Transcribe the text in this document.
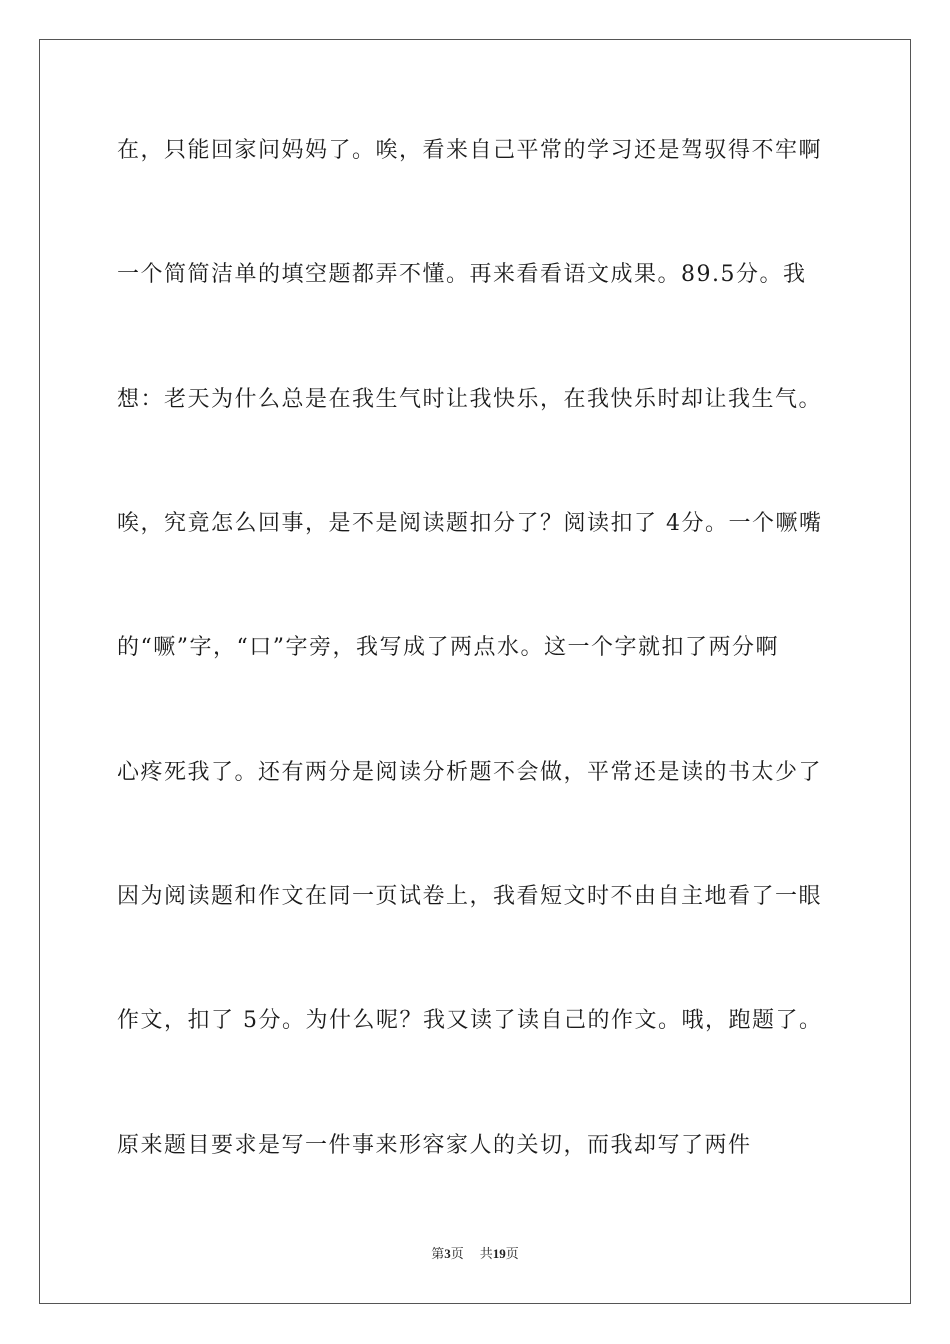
在，只能回家问妈妈了。唉，看来自己平常的学习还是驾驭得不牢啊
一个简简洁单的填空题都弄不懂。再来看看语文成果。89.5分。我
想：老天为什么总是在我生气时让我快乐，在我快乐时却让我生气。
唉，究竟怎么回事，是不是阅读题扣分了？阅读扣了 4分。一个噘嘴
的“噘”字，“口”字旁，我写成了两点水。这一个字就扣了两分啊
心疼死我了。还有两分是阅读分析题不会做，平常还是读的书太少了
因为阅读题和作文在同一页试卷上，我看短文时不由自主地看了一眼
作文，扣了 5分。为什么呢？我又读了读自己的作文。哦，跑题了。
原来题目要求是写一件事来形容家人的关切，而我却写了两件
第3页 共19页
